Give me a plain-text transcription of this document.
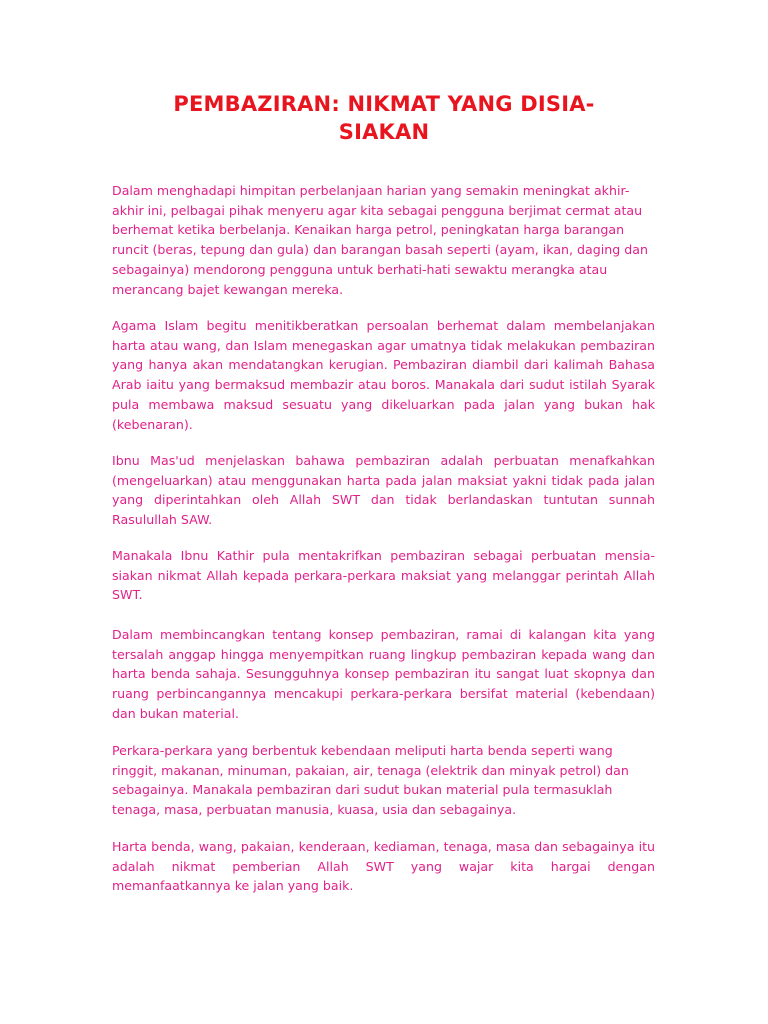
PEMBAZIRAN: NIKMAT YANG DISIA-SIAKAN

Dalam menghadapi himpitan perbelanjaan harian yang semakin meningkat akhir-akhir ini, pelbagai pihak menyeru agar kita sebagai pengguna berjimat cermat atau berhemat ketika berbelanja. Kenaikan harga petrol, peningkatan harga barangan runcit (beras, tepung dan gula) dan barangan basah seperti (ayam, ikan, daging dan sebagainya) mendorong pengguna untuk berhati-hati sewaktu merangka atau merancang bajet kewangan mereka.

Agama Islam begitu menitikberatkan persoalan berhemat dalam membelanjakan harta atau wang, dan Islam menegaskan agar umatnya tidak melakukan pembaziran yang hanya akan mendatangkan kerugian. Pembaziran diambil dari kalimah Bahasa Arab iaitu yang bermaksud membazir atau boros. Manakala dari sudut istilah Syarak pula membawa maksud sesuatu yang dikeluarkan pada jalan yang bukan hak (kebenaran).

Ibnu Mas'ud menjelaskan bahawa pembaziran adalah perbuatan menafkahkan (mengeluarkan) atau menggunakan harta pada jalan maksiat yakni tidak pada jalan yang diperintahkan oleh Allah SWT dan tidak berlandaskan tuntutan sunnah Rasulullah SAW.

Manakala Ibnu Kathir pula mentakrifkan pembaziran sebagai perbuatan mensia-siakan nikmat Allah kepada perkara-perkara maksiat yang melanggar perintah Allah SWT.

Dalam membincangkan tentang konsep pembaziran, ramai di kalangan kita yang tersalah anggap hingga menyempitkan ruang lingkup pembaziran kepada wang dan harta benda sahaja. Sesungguhnya konsep pembaziran itu sangat luat skopnya dan ruang perbincangannya mencakupi perkara-perkara bersifat material (kebendaan) dan bukan material.

Perkara-perkara yang berbentuk kebendaan meliputi harta benda seperti wang ringgit, makanan, minuman, pakaian, air, tenaga (elektrik dan minyak petrol) dan sebagainya. Manakala pembaziran dari sudut bukan material pula termasuklah tenaga, masa, perbuatan manusia, kuasa, usia dan sebagainya.

Harta benda, wang, pakaian, kenderaan, kediaman, tenaga, masa dan sebagainya itu adalah nikmat pemberian Allah SWT yang wajar kita hargai dengan memanfaatkannya ke jalan yang baik.
